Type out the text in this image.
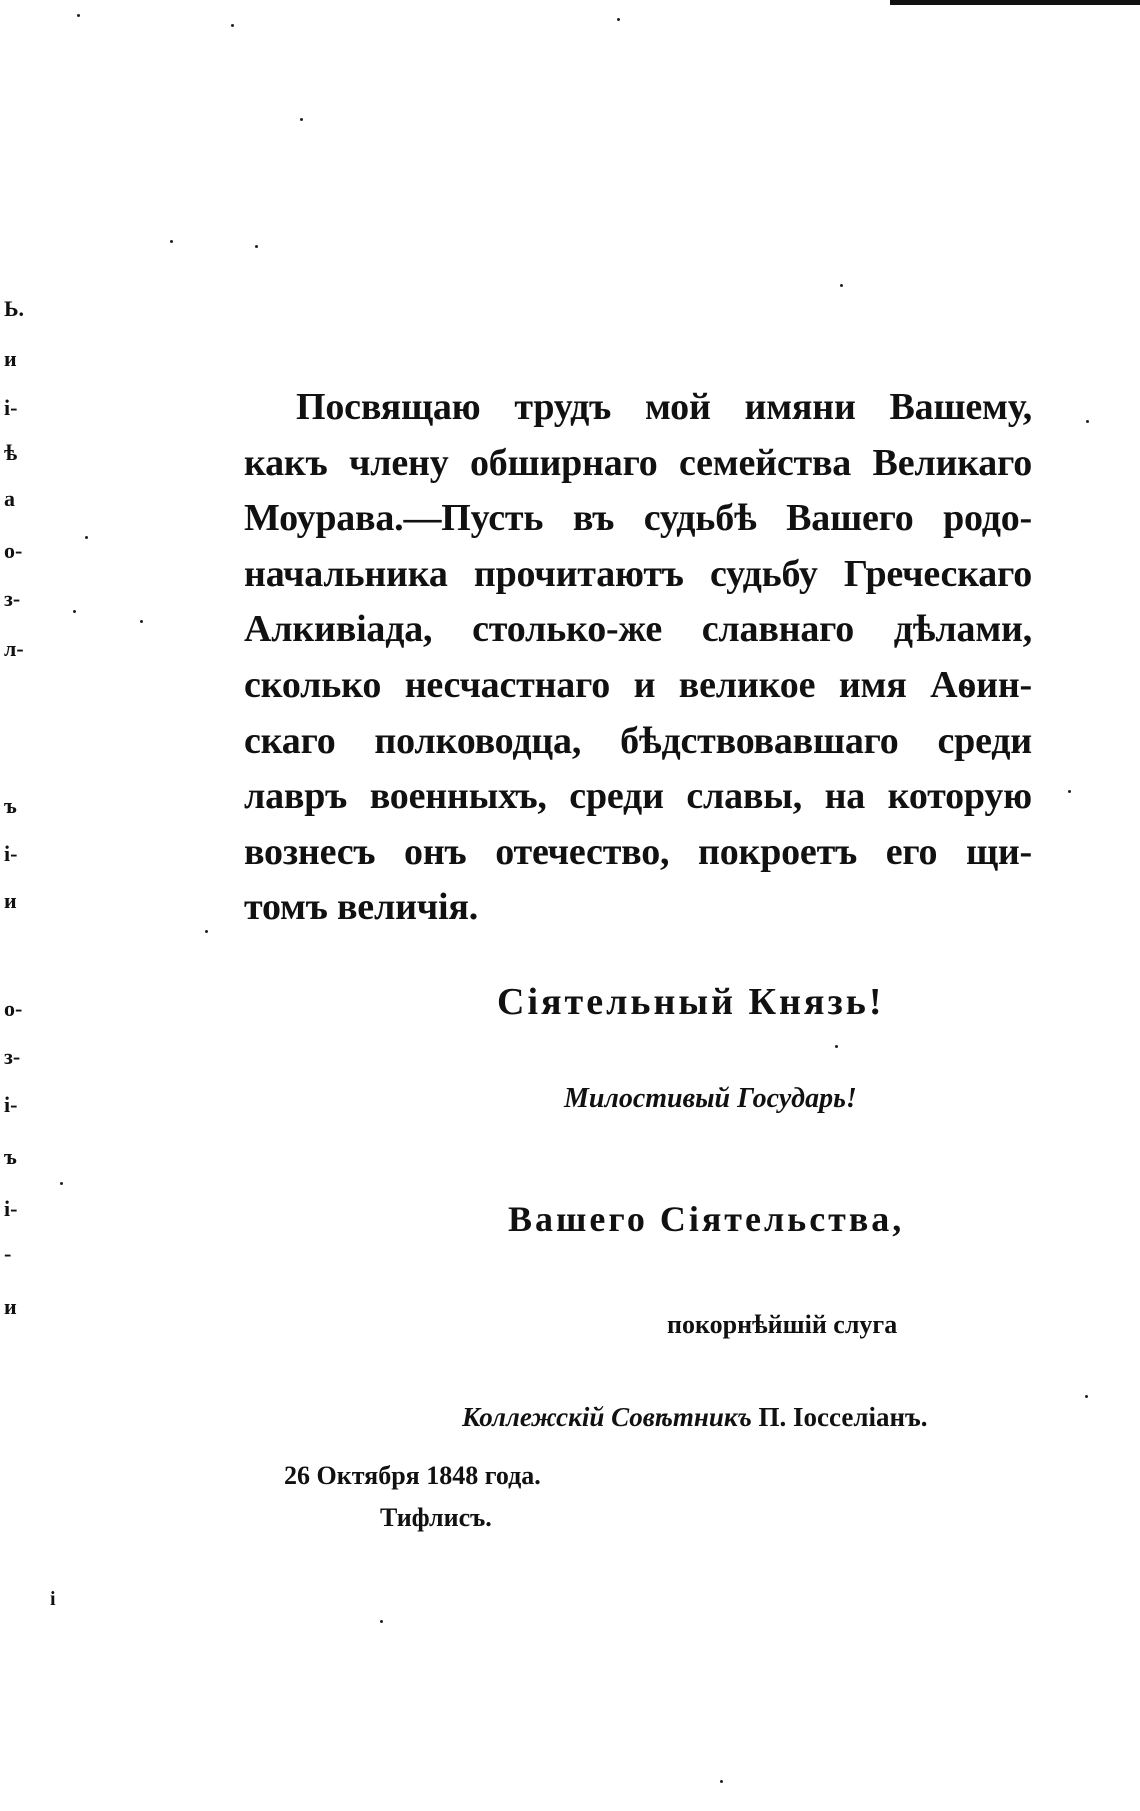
Ь.
и
і-
ѣ
а
о-
з-
л-
ъ
і-
и
о-
з-
і-
ъ
і-
-
и
і
Посвящаю трудъ мой имяни Вашему,
какъ члену обширнаго семейства Великаго
Моурава.—Пусть въ судьбѣ Вашего родо-
начальника прочитаютъ судьбу Греческаго
Алкивіада, столько-же славнаго дѣлами,
сколько несчастнаго и великое имя Аѳин-
скаго полководца, бѣдствовавшаго среди
лавръ военныхъ, среди славы, на которую
вознесъ онъ отечество, покроетъ его щи-
томъ величія.
Сіятельный Князь!
Милостивый Государь!
Вашего Сіятельства,
покорнѣйшій слуга
Коллежскій Совѣтникъ П. Іосселіанъ.
26 Октября 1848 года.
Тифлисъ.
